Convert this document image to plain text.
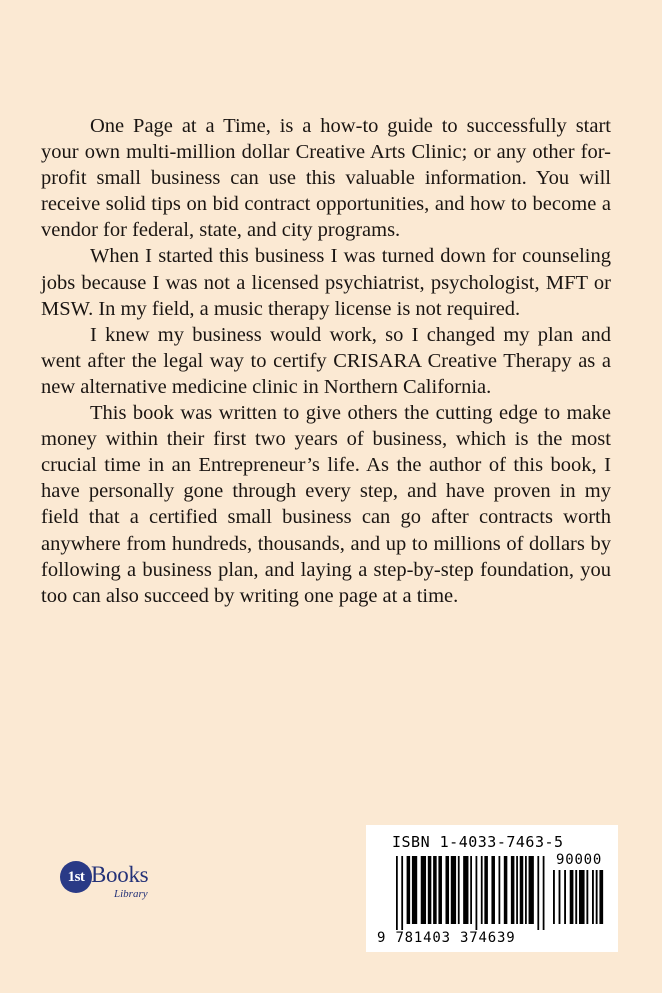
One Page at a Time, is a how-to guide to successfully start your own multi-million dollar Creative Arts Clinic; or any other for-profit small business can use this valuable information. You will receive solid tips on bid contract opportunities, and how to become a vendor for federal, state, and city programs.

When I started this business I was turned down for counseling jobs because I was not a licensed psychiatrist, psychologist, MFT or MSW. In my field, a music therapy license is not required.

I knew my business would work, so I changed my plan and went after the legal way to certify CRISARA Creative Therapy as a new alternative medicine clinic in Northern California.

This book was written to give others the cutting edge to make money within their first two years of business, which is the most crucial time in an Entrepreneur’s life. As the author of this book, I have personally gone through every step, and have proven in my field that a certified small business can go after contracts worth anywhere from hundreds, thousands, and up to millions of dollars by following a business plan, and laying a step-by-step foundation, you too can also succeed by writing one page at a time.

1st Books
Library
ISBN 1-4033-7463-5
90000
9 781403 374639
